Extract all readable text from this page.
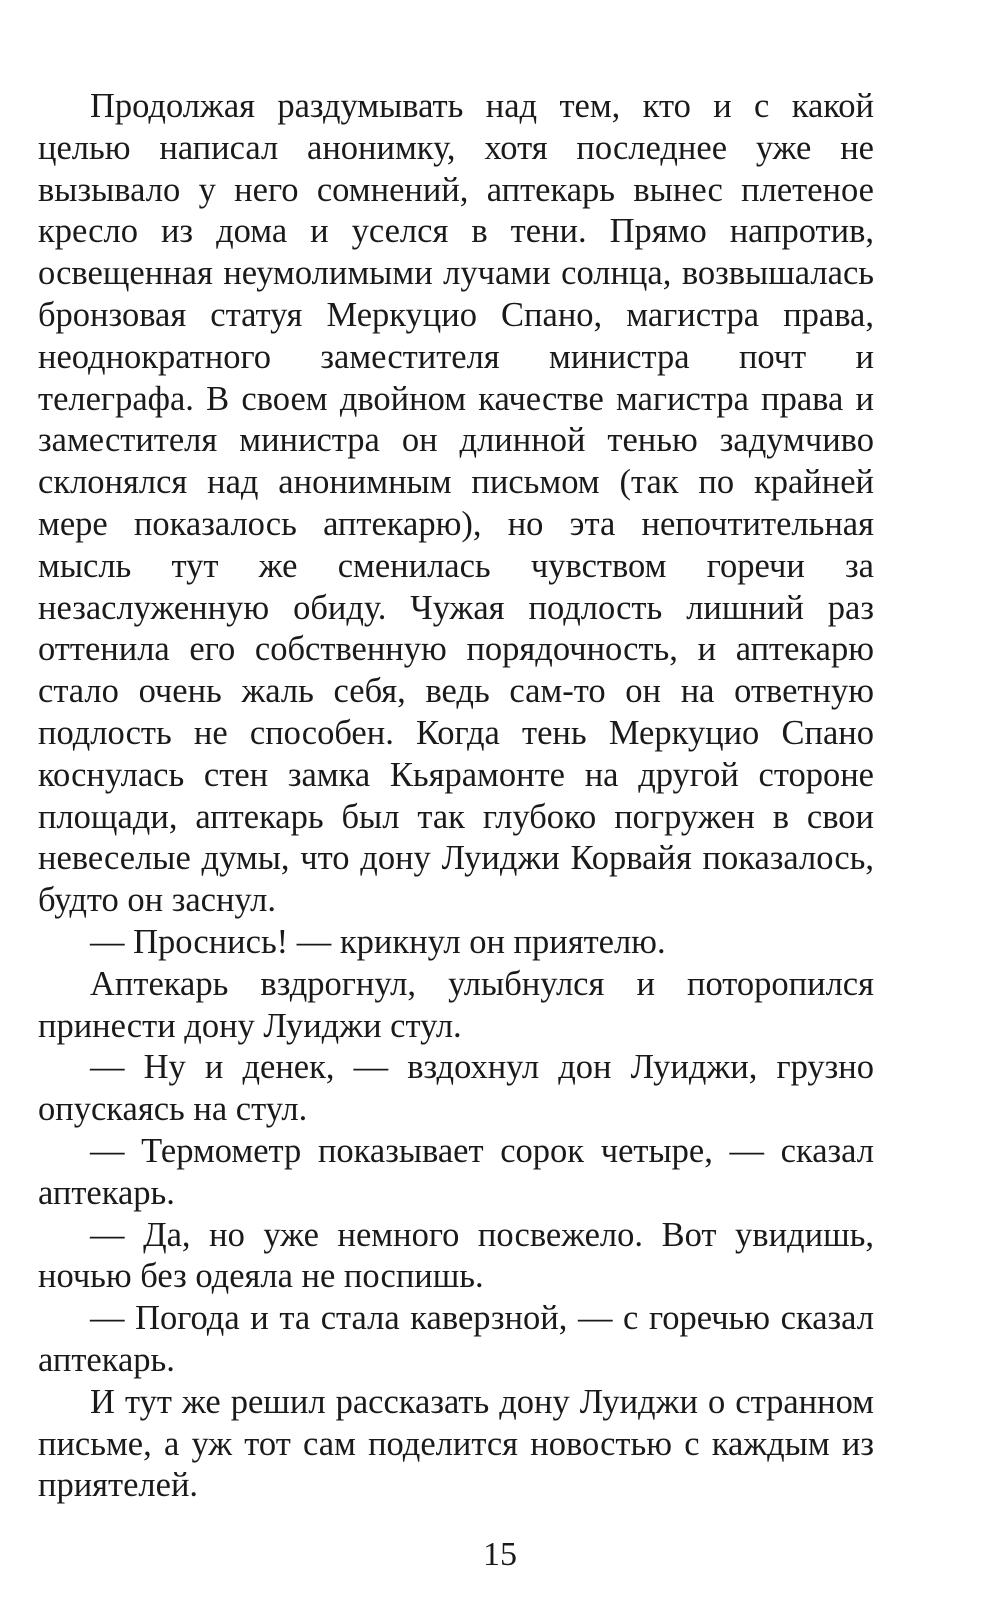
Продолжая раздумывать над тем, кто и с какой целью написал анонимку, хотя последнее уже не вызывало у него сомнений, аптекарь вынес плетеное кресло из дома и уселся в тени. Прямо напротив, освещенная неумолимыми лучами солнца, возвышалась бронзовая статуя Меркуцио Спано, магистра права, неоднократного заместителя министра почт и телеграфа. В своем двойном качестве магистра права и заместителя министра он длинной тенью задумчиво склонялся над анонимным письмом (так по крайней мере показалось аптекарю), но эта непочтительная мысль тут же сменилась чувством горечи за незаслуженную обиду. Чужая подлость лишний раз оттенила его собственную порядочность, и аптекарю стало очень жаль себя, ведь сам-то он на ответную подлость не способен. Когда тень Меркуцио Спано коснулась стен замка Кьярамонте на другой стороне площади, аптекарь был так глубоко погружен в свои невеселые думы, что дону Луиджи Корвайя показалось, будто он заснул.

— Проснись! — крикнул он приятелю.

Аптекарь вздрогнул, улыбнулся и поторопился принести дону Луиджи стул.

— Ну и денек, — вздохнул дон Луиджи, грузно опускаясь на стул.

— Термометр показывает сорок четыре, — сказал аптекарь.

— Да, но уже немного посвежело. Вот увидишь, ночью без одеяла не поспишь.

— Погода и та стала каверзной, — с горечью сказал аптекарь.

И тут же решил рассказать дону Луиджи о странном письме, а уж тот сам поделится новостью с каждым из приятелей.

15
